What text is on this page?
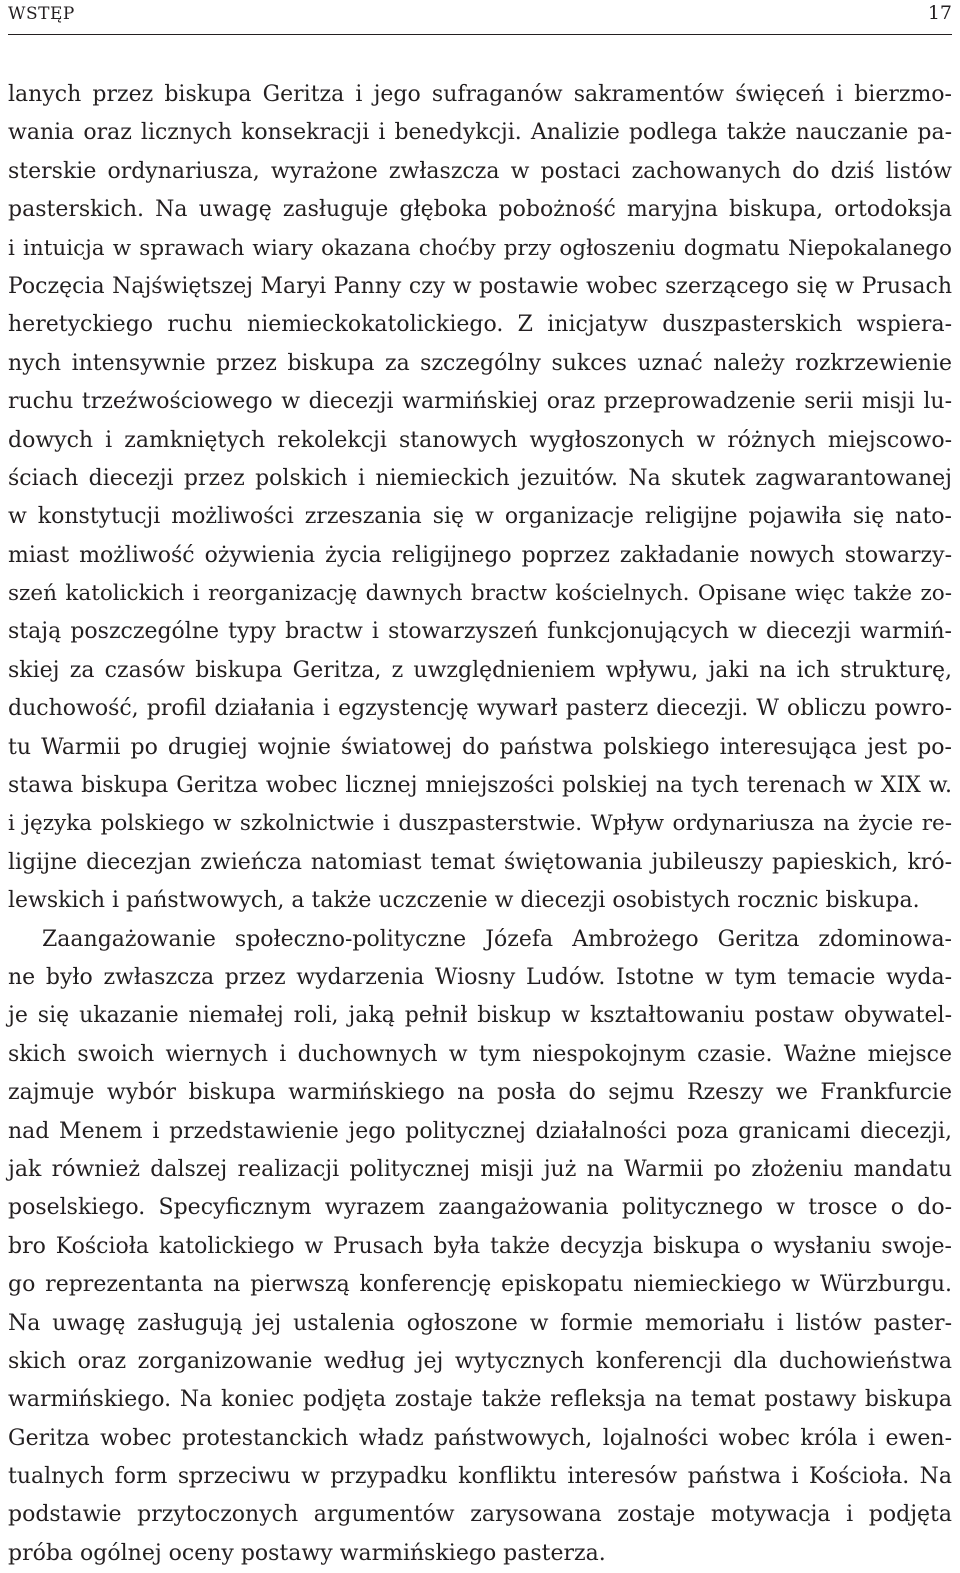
WSTĘP	17
lanych przez biskupa Geritza i jego sufraganów sakramentów święceń i bierzmo-
wania oraz licznych konsekracji i benedykcji. Analizie podlega także nauczanie pa-
sterskie ordynariusza, wyrażone zwłaszcza w postaci zachowanych do dziś listów
pasterskich. Na uwagę zasługuje głęboka pobożność maryjna biskupa, ortodoksja
i intuicja w sprawach wiary okazana choćby przy ogłoszeniu dogmatu Niepokalanego
Poczęcia Najświętszej Maryi Panny czy w postawie wobec szerzącego się w Prusach
heretyckiego ruchu niemieckokatolickiego. Z inicjatyw duszpasterskich wspiera-
nych intensywnie przez biskupa za szczególny sukces uznać należy rozkrzewienie
ruchu trzeźwościowego w diecezji warmińskiej oraz przeprowadzenie serii misji lu-
dowych i zamkniętych rekolekcji stanowych wygłoszonych w różnych miejscowo-
ściach diecezji przez polskich i niemieckich jezuitów. Na skutek zagwarantowanej
w konstytucji możliwości zrzeszania się w organizacje religijne pojawiła się nato-
miast możliwość ożywienia życia religijnego poprzez zakładanie nowych stowarzy-
szeń katolickich i reorganizację dawnych bractw kościelnych. Opisane więc także zo-
stają poszczególne typy bractw i stowarzyszeń funkcjonujących w diecezji warmiń-
skiej za czasów biskupa Geritza, z uwzględnieniem wpływu, jaki na ich strukturę,
duchowość, profil działania i egzystencję wywarł pasterz diecezji. W obliczu powro-
tu Warmii po drugiej wojnie światowej do państwa polskiego interesująca jest po-
stawa biskupa Geritza wobec licznej mniejszości polskiej na tych terenach w XIX w.
i języka polskiego w szkolnictwie i duszpasterstwie. Wpływ ordynariusza na życie re-
ligijne diecezjan zwieńcza natomiast temat świętowania jubileuszy papieskich, kró-
lewskich i państwowych, a także uczczenie w diecezji osobistych rocznic biskupa.
Zaangażowanie społeczno-polityczne Józefa Ambrożego Geritza zdominowa-
ne było zwłaszcza przez wydarzenia Wiosny Ludów. Istotne w tym temacie wyda-
je się ukazanie niemałej roli, jaką pełnił biskup w kształtowaniu postaw obywatel-
skich swoich wiernych i duchownych w tym niespokojnym czasie. Ważne miejsce
zajmuje wybór biskupa warmińskiego na posła do sejmu Rzeszy we Frankfurcie
nad Menem i przedstawienie jego politycznej działalności poza granicami diecezji,
jak również dalszej realizacji politycznej misji już na Warmii po złożeniu mandatu
poselskiego. Specyficznym wyrazem zaangażowania politycznego w trosce o do-
bro Kościoła katolickiego w Prusach była także decyzja biskupa o wysłaniu swoje-
go reprezentanta na pierwszą konferencję episkopatu niemieckiego w Würzburgu.
Na uwagę zasługują jej ustalenia ogłoszone w formie memoriału i listów paster-
skich oraz zorganizowanie według jej wytycznych konferencji dla duchowieństwa
warmińskiego. Na koniec podjęta zostaje także refleksja na temat postawy biskupa
Geritza wobec protestanckich władz państwowych, lojalności wobec króla i ewen-
tualnych form sprzeciwu w przypadku konfliktu interesów państwa i Kościoła. Na
podstawie przytoczonych argumentów zarysowana zostaje motywacja i podjęta
próba ogólnej oceny postawy warmińskiego pasterza.
